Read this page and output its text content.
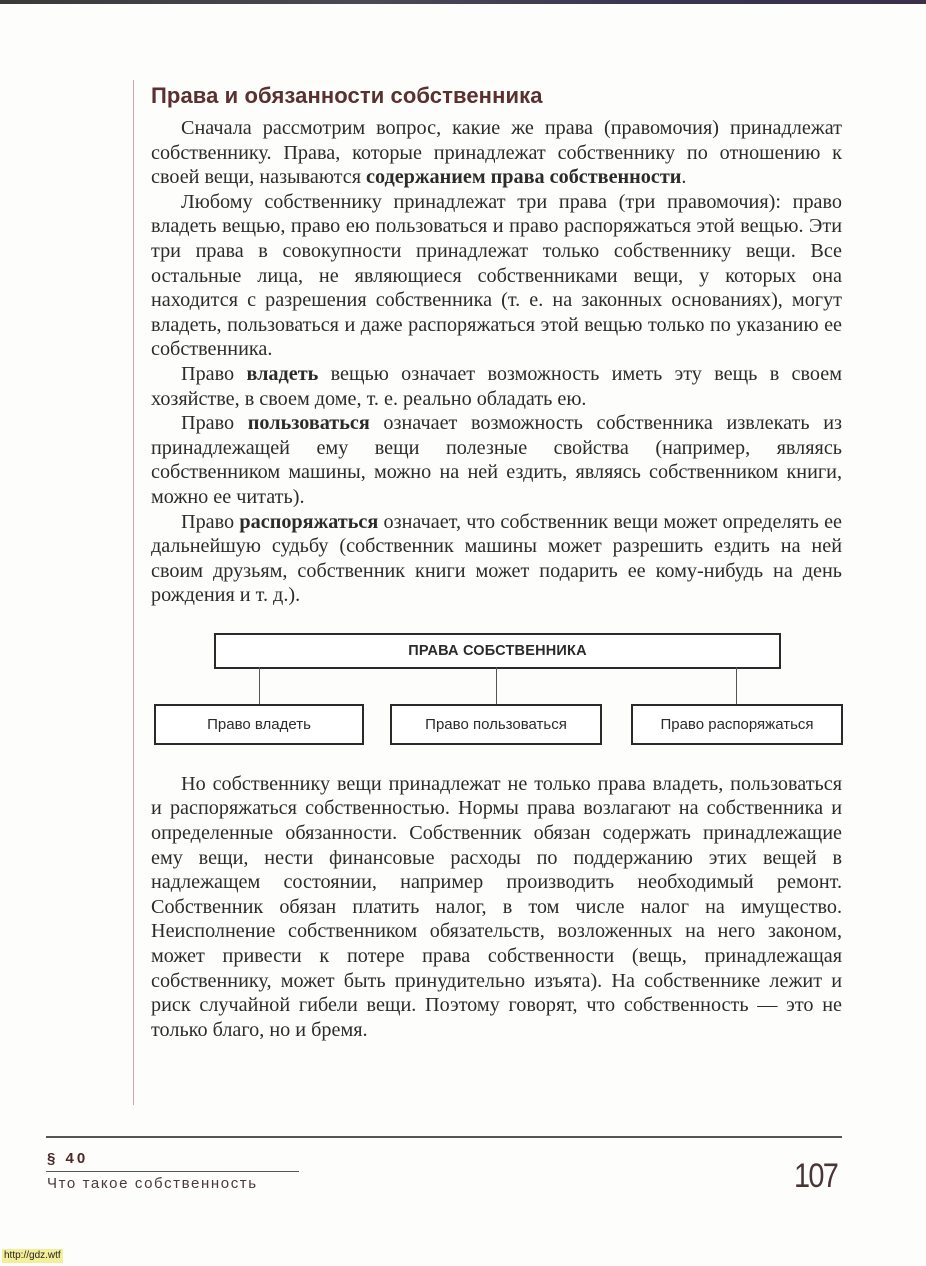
Права и обязанности собственника

Сначала рассмотрим вопрос, какие же права (правомочия) принадлежат собственнику. Права, которые принадлежат собственнику по отношению к своей вещи, называются содержанием права собственности.

Любому собственнику принадлежат три права (три правомочия): право владеть вещью, право ею пользоваться и право распоряжаться этой вещью. Эти три права в совокупности принадлежат только собственнику вещи. Все остальные лица, не являющиеся собственниками вещи, у которых она находится с разрешения собственника (т. е. на законных основаниях), могут владеть, пользоваться и даже распоряжаться этой вещью только по указанию ее собственника.

Право владеть вещью означает возможность иметь эту вещь в своем хозяйстве, в своем доме, т. е. реально обладать ею.

Право пользоваться означает возможность собственника извлекать из принадлежащей ему вещи полезные свойства (например, являясь собственником машины, можно на ней ездить, являясь собственником книги, можно ее читать).

Право распоряжаться означает, что собственник вещи может определять ее дальнейшую судьбу (собственник машины может разрешить ездить на ней своим друзьям, собственник книги может подарить ее кому-нибудь на день рождения и т. д.).

ПРАВА СОБСТВЕННИКА
Право владеть	Право пользоваться	Право распоряжаться

Но собственнику вещи принадлежат не только права владеть, пользоваться и распоряжаться собственностью. Нормы права возлагают на собственника и определенные обязанности. Собственник обязан содержать принадлежащие ему вещи, нести финансовые расходы по поддержанию этих вещей в надлежащем состоянии, например производить необходимый ремонт. Собственник обязан платить налог, в том числе налог на имущество. Неисполнение собственником обязательств, возложенных на него законом, может привести к потере права собственности (вещь, принадлежащая собственнику, может быть принудительно изъята). На собственнике лежит и риск случайной гибели вещи. Поэтому говорят, что собственность — это не только благо, но и бремя.

§ 40
Что такое собственность	107
http://gdz.wtf
